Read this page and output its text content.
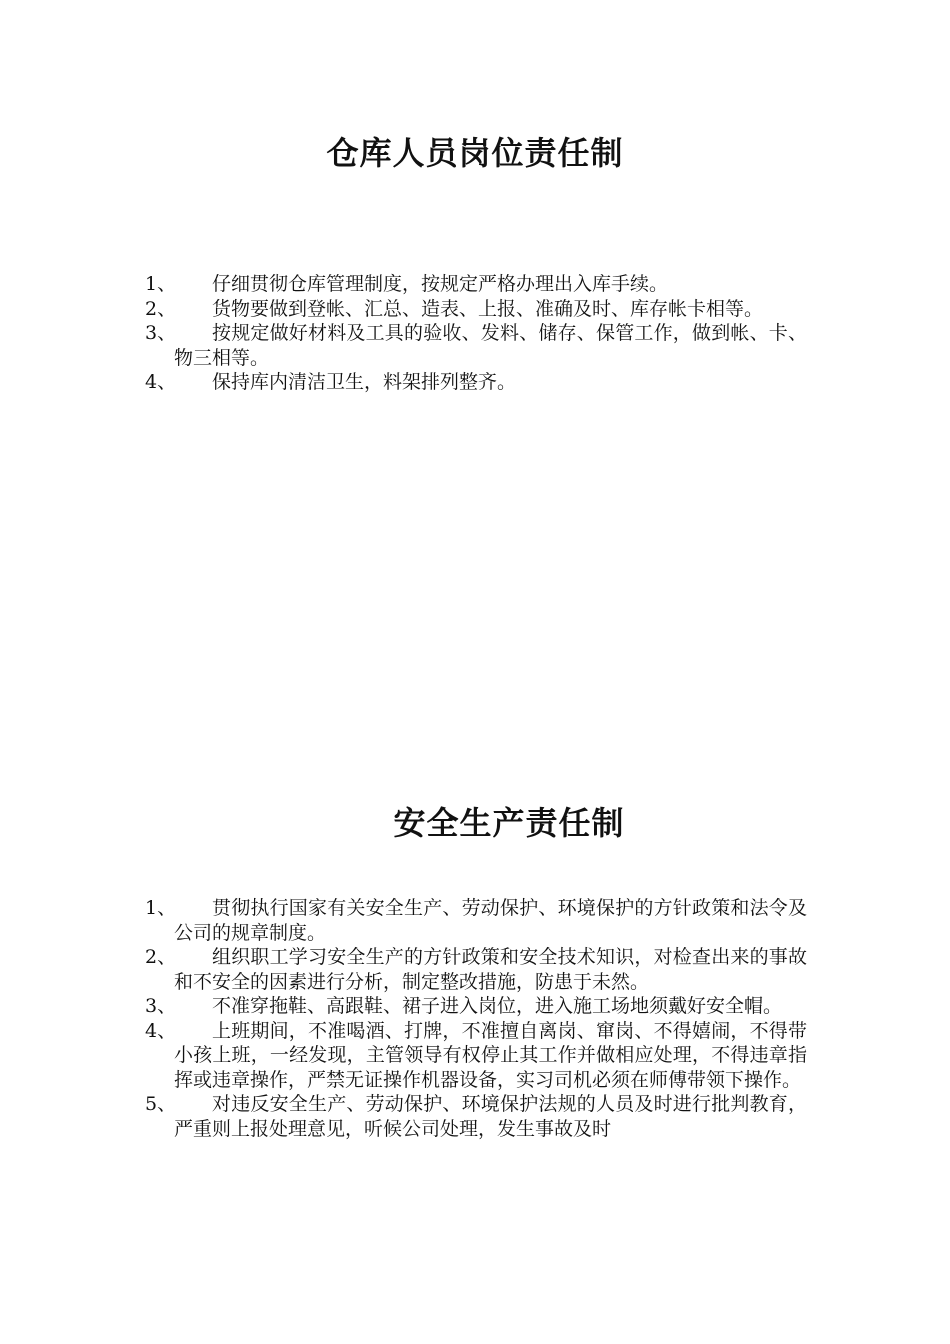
仓库人员岗位责任制
1、	仔细贯彻仓库管理制度，按规定严格办理出入库手续。
2、	货物要做到登帐、汇总、造表、上报、准确及时、库存帐卡相等。
3、	按规定做好材料及工具的验收、发料、储存、保管工作，做到帐、卡、物三相等。
4、	保持库内清洁卫生，料架排列整齐。
安全生产责任制
1、	贯彻执行国家有关安全生产、劳动保护、环境保护的方针政策和法令及公司的规章制度。
2、	组织职工学习安全生产的方针政策和安全技术知识，对检查出来的事故和不安全的因素进行分析，制定整改措施，防患于未然。
3、	不准穿拖鞋、高跟鞋、裙子进入岗位，进入施工场地须戴好安全帽。
4、	上班期间，不准喝酒、打牌，不准擅自离岗、窜岗、不得嬉闹，不得带小孩上班，一经发现，主管领导有权停止其工作并做相应处理，不得违章指挥或违章操作，严禁无证操作机器设备，实习司机必须在师傅带领下操作。
5、	对违反安全生产、劳动保护、环境保护法规的人员及时进行批判教育，严重则上报处理意见，听候公司处理，发生事故及时
